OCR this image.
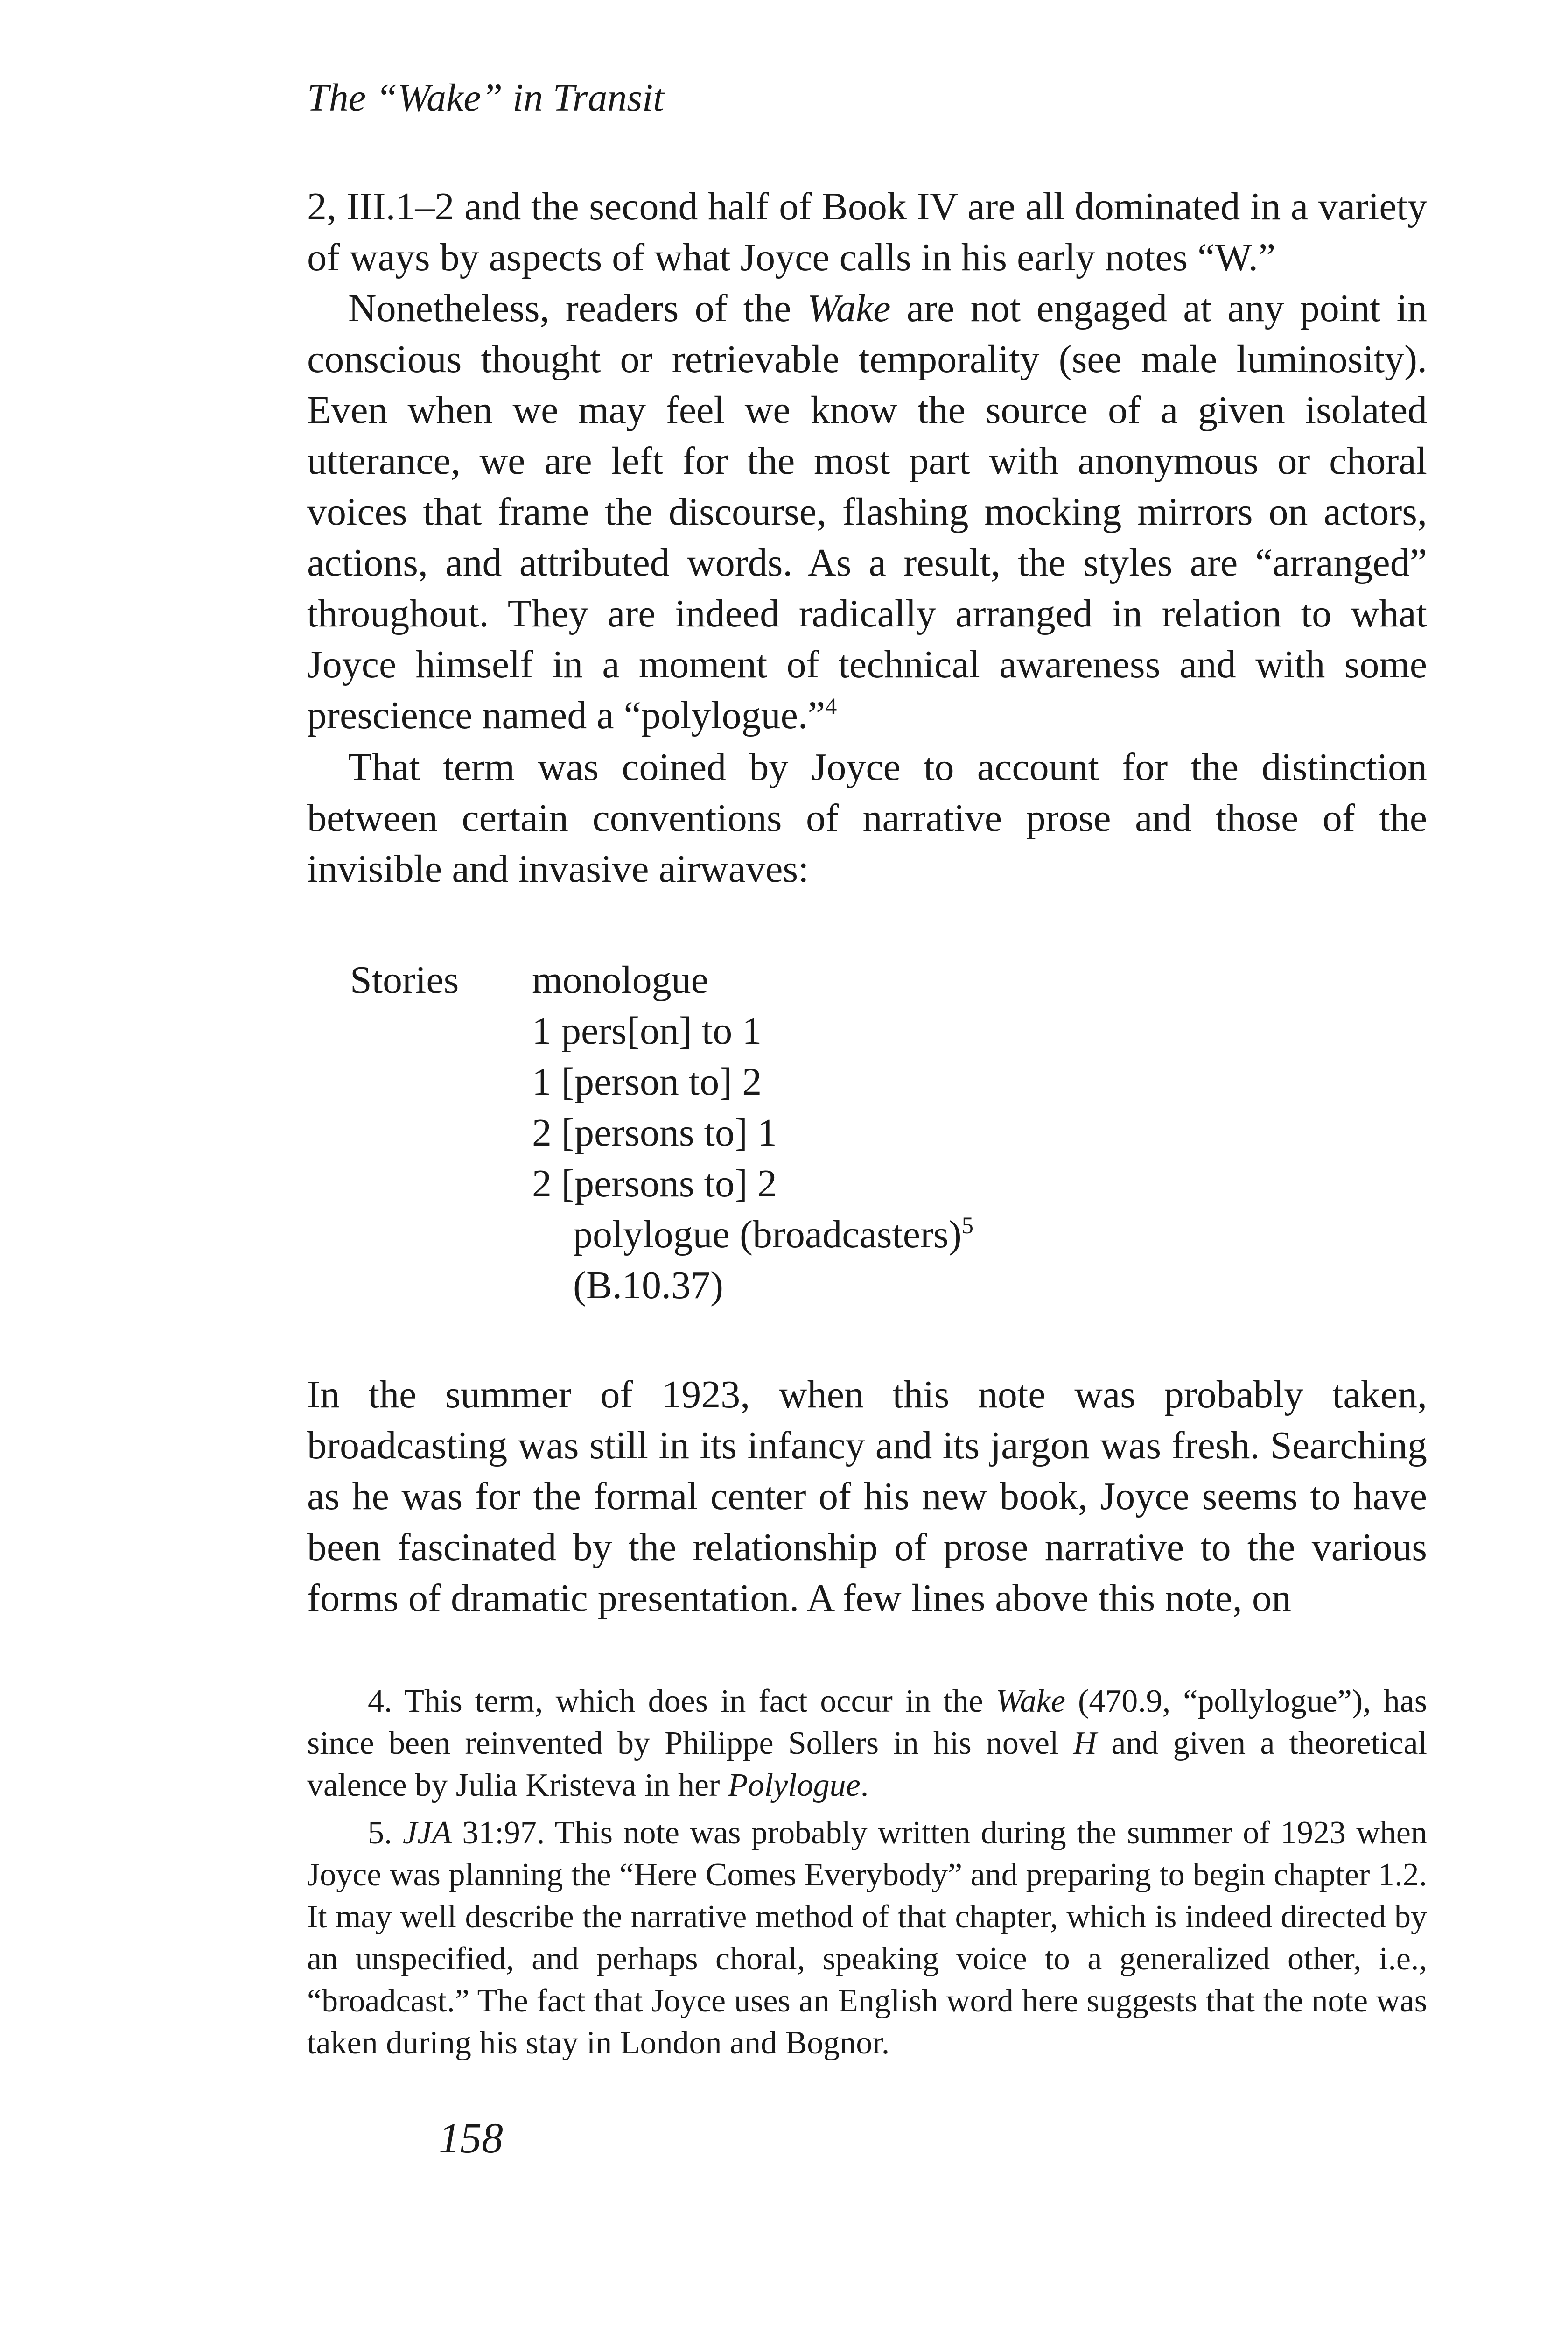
The “Wake” in Transit

2, III.1–2 and the second half of Book IV are all dominated in a variety of ways by aspects of what Joyce calls in his early notes “W.”

Nonetheless, readers of the Wake are not engaged at any point in conscious thought or retrievable temporality (see male luminosity). Even when we may feel we know the source of a given isolated utterance, we are left for the most part with anonymous or choral voices that frame the discourse, flashing mocking mirrors on actors, actions, and attributed words. As a result, the styles are “arranged” throughout. They are indeed radically arranged in relation to what Joyce himself in a moment of technical awareness and with some prescience named a “polylogue.”$^4$

That term was coined by Joyce to account for the distinction between certain conventions of narrative prose and those of the invisible and invasive airwaves:

Stories monologue
1 pers[on] to 1
1 [person to] 2
2 [persons to] 1
2 [persons to] 2
polylogue (broadcasters)$^5$
(B.10.37)

In the summer of 1923, when this note was probably taken, broadcasting was still in its infancy and its jargon was fresh. Searching as he was for the formal center of his new book, Joyce seems to have been fascinated by the relationship of prose narrative to the various forms of dramatic presentation. A few lines above this note, on

4. This term, which does in fact occur in the Wake (470.9, “pollylogue”), has since been reinvented by Philippe Sollers in his novel H and given a theoretical valence by Julia Kristeva in her Polylogue.

5. JJA 31:97. This note was probably written during the summer of 1923 when Joyce was planning the “Here Comes Everybody” and preparing to begin chapter 1.2. It may well describe the narrative method of that chapter, which is indeed directed by an unspecified, and perhaps choral, speaking voice to a generalized other, i.e., “broadcast.” The fact that Joyce uses an English word here suggests that the note was taken during his stay in London and Bognor.

158
